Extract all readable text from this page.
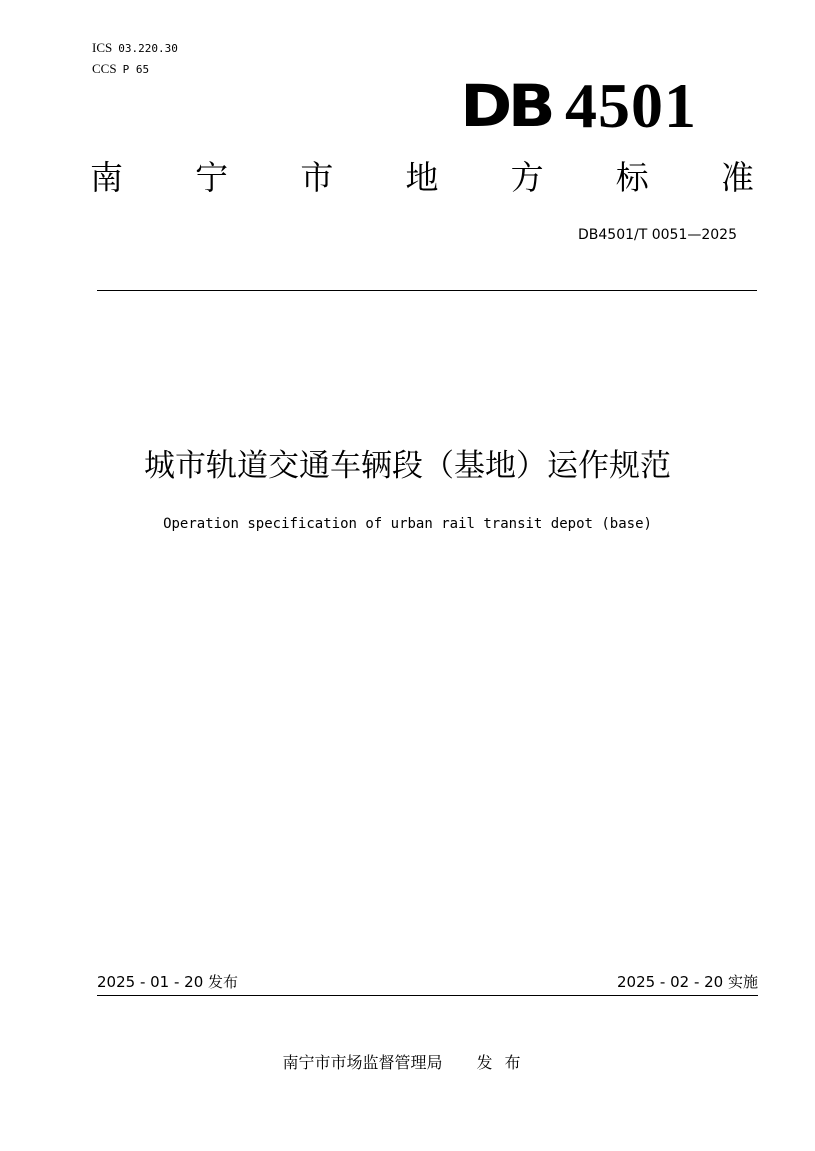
ICS 03.220.30
CCS P 65
DB 4501
南 宁 市 地 方 标 准
DB4501/T 0051—2025
城市轨道交通车辆段（基地）运作规范
Operation specification of urban rail transit depot (base)
2025 - 01 - 20 发布	2025 - 02 - 20 实施
南宁市市场监督管理局 发布
